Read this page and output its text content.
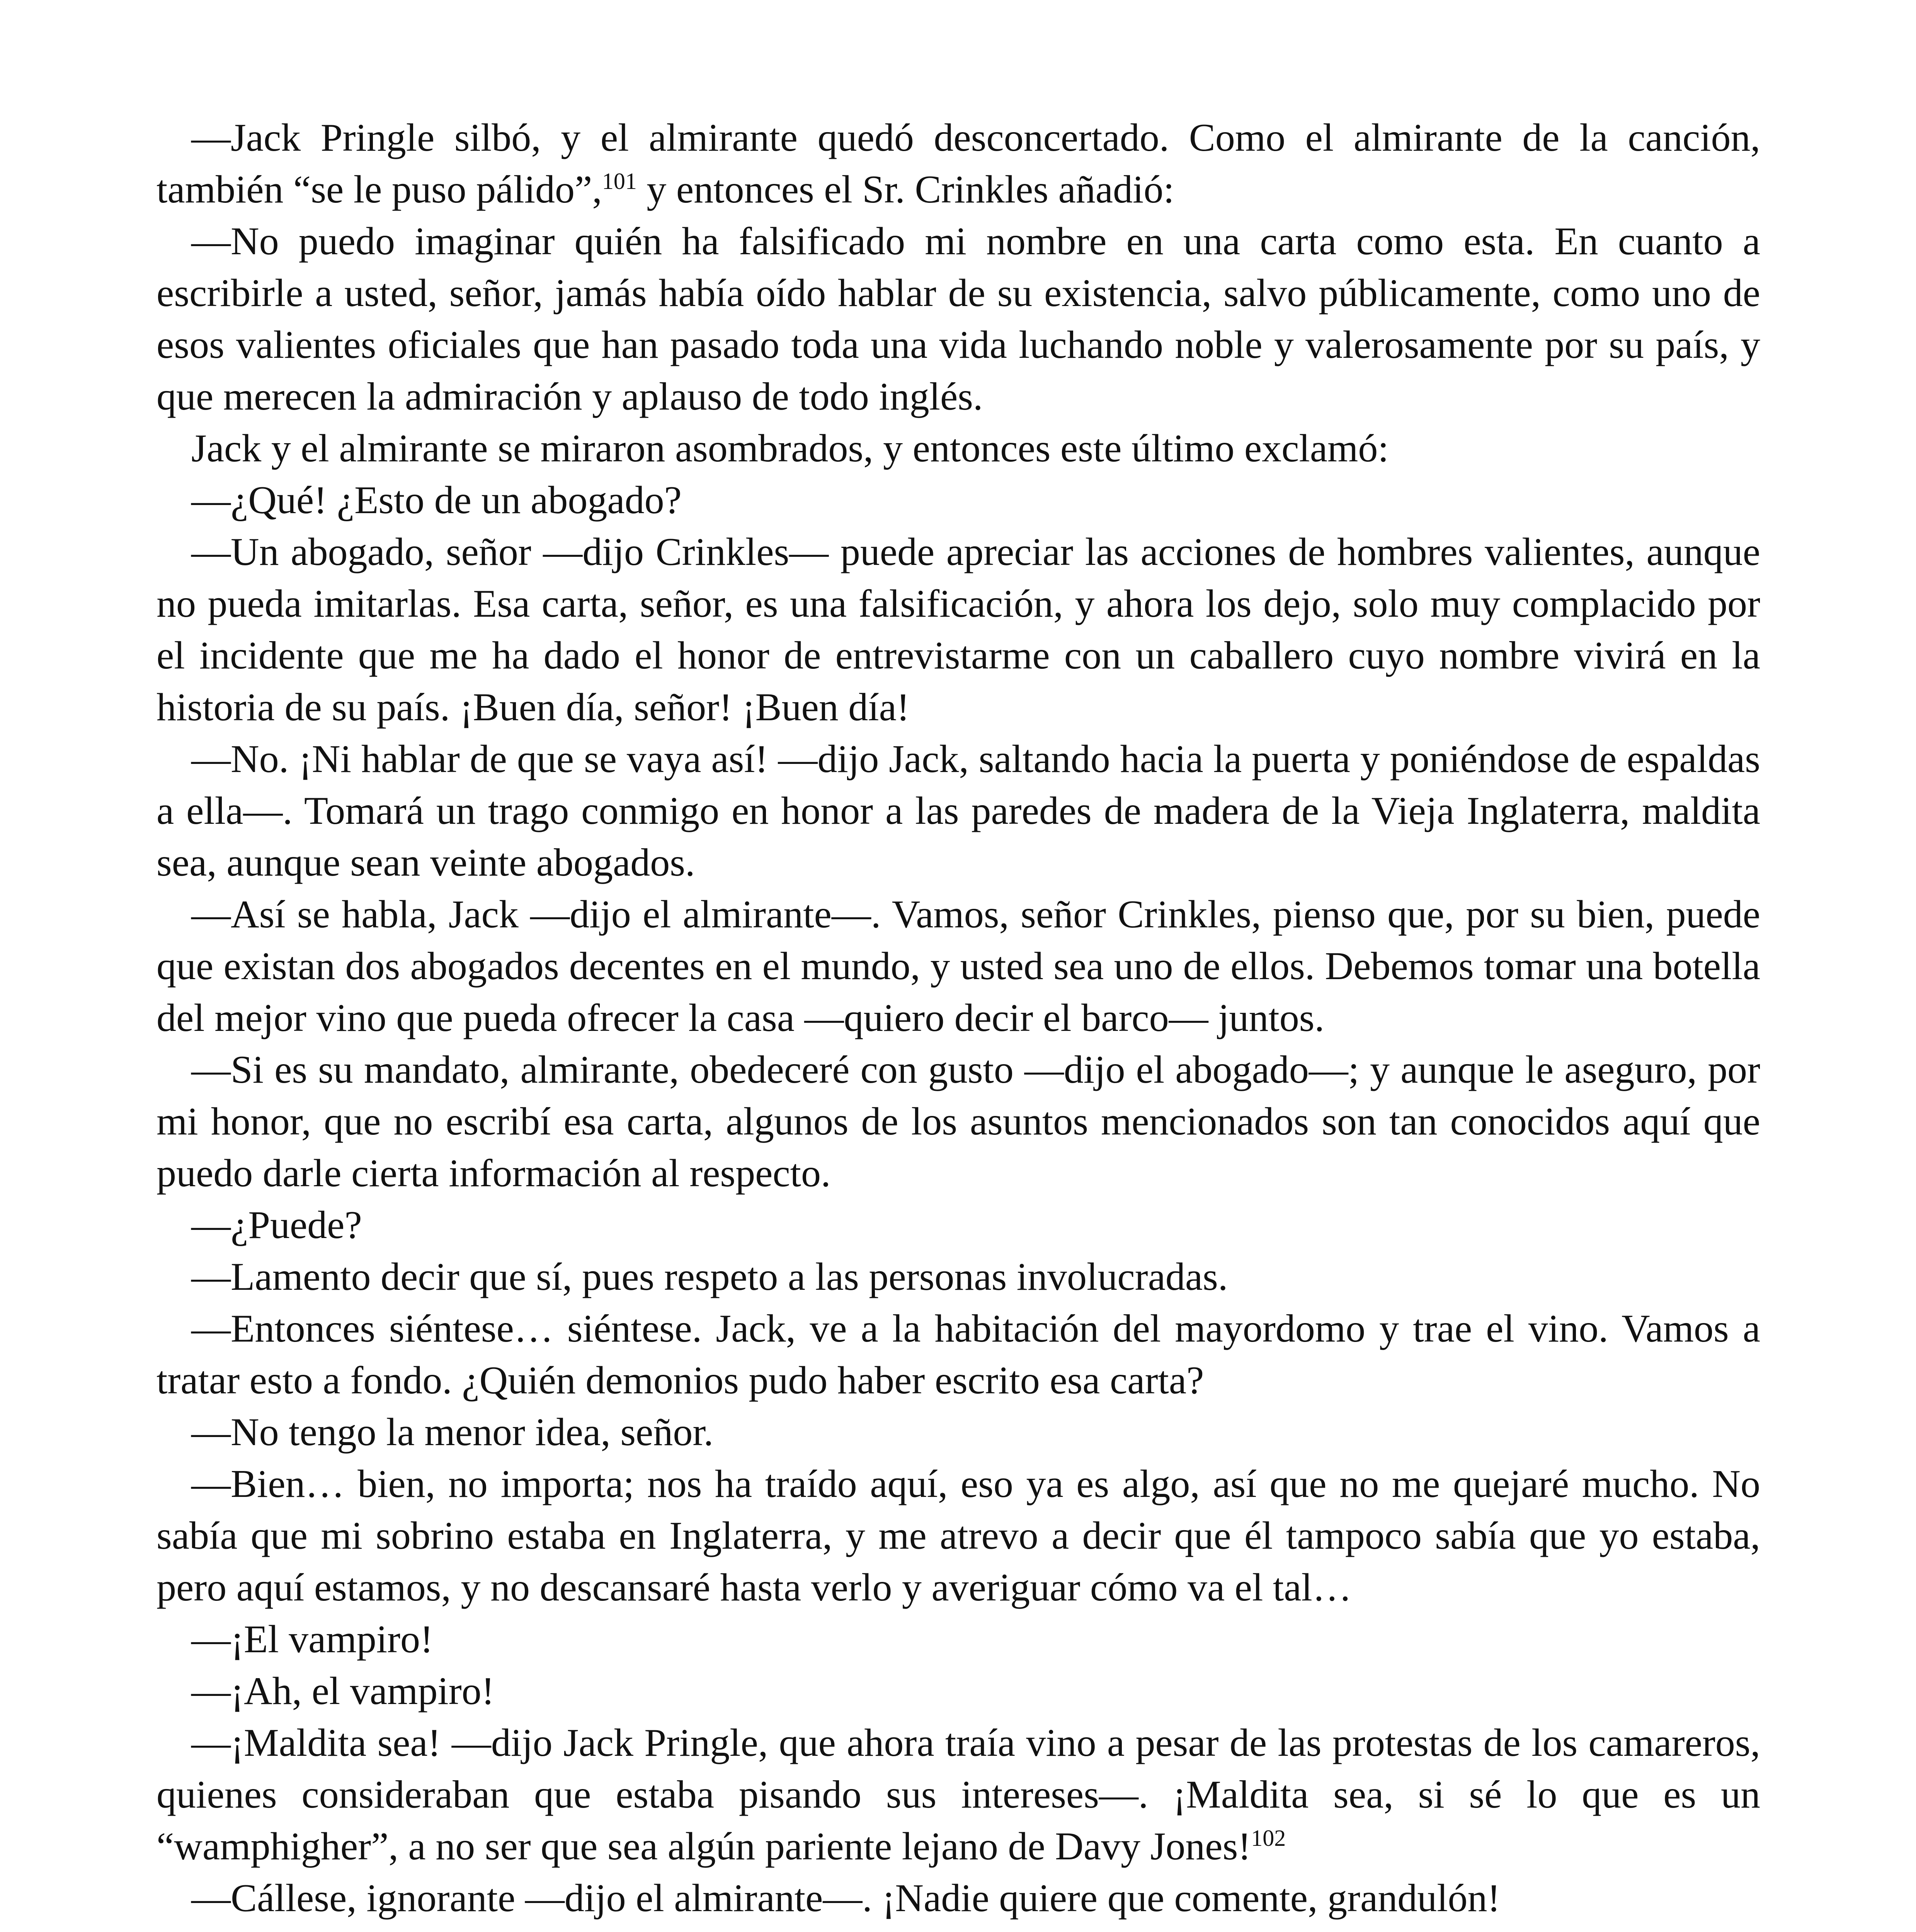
—Jack Pringle silbó, y el almirante quedó desconcertado. Como el almirante de la canción, también “se le puso pálido”,$^{101}$ y entonces el Sr. Crinkles añadió:

—No puedo imaginar quién ha falsificado mi nombre en una carta como esta. En cuanto a escribirle a usted, señor, jamás había oído hablar de su existencia, salvo públicamente, como uno de esos valientes oficiales que han pasado toda una vida luchando noble y valerosamente por su país, y que merecen la admiración y aplauso de todo inglés.

Jack y el almirante se miraron asombrados, y entonces este último exclamó:

—¿Qué! ¿Esto de un abogado?

—Un abogado, señor —dijo Crinkles— puede apreciar las acciones de hombres valientes, aunque no pueda imitarlas. Esa carta, señor, es una falsificación, y ahora los dejo, solo muy complacido por el incidente que me ha dado el honor de entrevistarme con un caballero cuyo nombre vivirá en la historia de su país. ¡Buen día, señor! ¡Buen día!

—No. ¡Ni hablar de que se vaya así! —dijo Jack, saltando hacia la puerta y poniéndose de espaldas a ella—. Tomará un trago conmigo en honor a las paredes de madera de la Vieja Inglaterra, maldita sea, aunque sean veinte abogados.

—Así se habla, Jack —dijo el almirante—. Vamos, señor Crinkles, pienso que, por su bien, puede que existan dos abogados decentes en el mundo, y usted sea uno de ellos. Debemos tomar una botella del mejor vino que pueda ofrecer la casa —quiero decir el barco— juntos.

—Si es su mandato, almirante, obedeceré con gusto —dijo el abogado—; y aunque le aseguro, por mi honor, que no escribí esa carta, algunos de los asuntos mencionados son tan conocidos aquí que puedo darle cierta información al respecto.

—¿Puede?

—Lamento decir que sí, pues respeto a las personas involucradas.

—Entonces siéntese… siéntese. Jack, ve a la habitación del mayordomo y trae el vino. Vamos a tratar esto a fondo. ¿Quién demonios pudo haber escrito esa carta?

—No tengo la menor idea, señor.

—Bien… bien, no importa; nos ha traído aquí, eso ya es algo, así que no me quejaré mucho. No sabía que mi sobrino estaba en Inglaterra, y me atrevo a decir que él tampoco sabía que yo estaba, pero aquí estamos, y no descansaré hasta verlo y averiguar cómo va el tal…

—¡El vampiro!

—¡Ah, el vampiro!

—¡Maldita sea! —dijo Jack Pringle, que ahora traía vino a pesar de las protestas de los camareros, quienes consideraban que estaba pisando sus intereses—. ¡Maldita sea, si sé lo que es un “wamphigher”, a no ser que sea algún pariente lejano de Davy Jones!$^{102}$

—Cállese, ignorante —dijo el almirante—. ¡Nadie quiere que comente, grandulón!
